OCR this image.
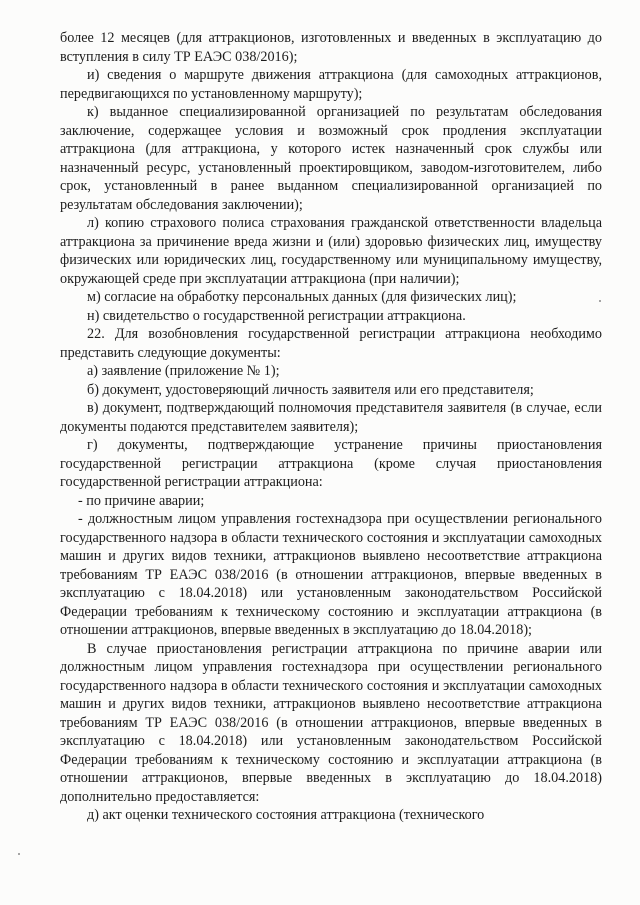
более 12 месяцев (для аттракционов, изготовленных и введенных в эксплуатацию до вступления в силу ТР ЕАЭС 038/2016);

и) сведения о маршруте движения аттракциона (для самоходных аттракционов, передвигающихся по установленному маршруту);

к) выданное специализированной организацией по результатам обследования заключение, содержащее условия и возможный срок продления эксплуатации аттракциона (для аттракциона, у которого истек назначенный срок службы или назначенный ресурс, установленный проектировщиком, заводом-изготовителем, либо срок, установленный в ранее выданном специализированной организацией по результатам обследования заключении);

л) копию страхового полиса страхования гражданской ответственности владельца аттракциона за причинение вреда жизни и (или) здоровью физических лиц, имуществу физических или юридических лиц, государственному или муниципальному имуществу, окружающей среде при эксплуатации аттракциона (при наличии);

м) согласие на обработку персональных данных (для физических лиц);

н) свидетельство о государственной регистрации аттракциона.

22. Для возобновления государственной регистрации аттракциона необходимо представить следующие документы:

а) заявление (приложение № 1);

б) документ, удостоверяющий личность заявителя или его представителя;

в) документ, подтверждающий полномочия представителя заявителя (в случае, если документы подаются представителем заявителя);

г) документы, подтверждающие устранение причины приостановления государственной регистрации аттракциона (кроме случая приостановления государственной регистрации аттракциона:

- по причине аварии;

- должностным лицом управления гостехнадзора при осуществлении регионального государственного надзора в области технического состояния и эксплуатации самоходных машин и других видов техники, аттракционов выявлено несоответствие аттракциона требованиям ТР ЕАЭС 038/2016 (в отношении аттракционов, впервые введенных в эксплуатацию с 18.04.2018) или установленным законодательством Российской Федерации требованиям к техническому состоянию и эксплуатации аттракциона (в отношении аттракционов, впервые введенных в эксплуатацию до 18.04.2018);

В случае приостановления регистрации аттракциона по причине аварии или должностным лицом управления гостехнадзора при осуществлении регионального государственного надзора в области технического состояния и эксплуатации самоходных машин и других видов техники, аттракционов выявлено несоответствие аттракциона требованиям ТР ЕАЭС 038/2016 (в отношении аттракционов, впервые введенных в эксплуатацию с 18.04.2018) или установленным законодательством Российской Федерации требованиям к техническому состоянию и эксплуатации аттракциона (в отношении аттракционов, впервые введенных в эксплуатацию до 18.04.2018) дополнительно предоставляется:

д) акт оценки технического состояния аттракциона (технического
